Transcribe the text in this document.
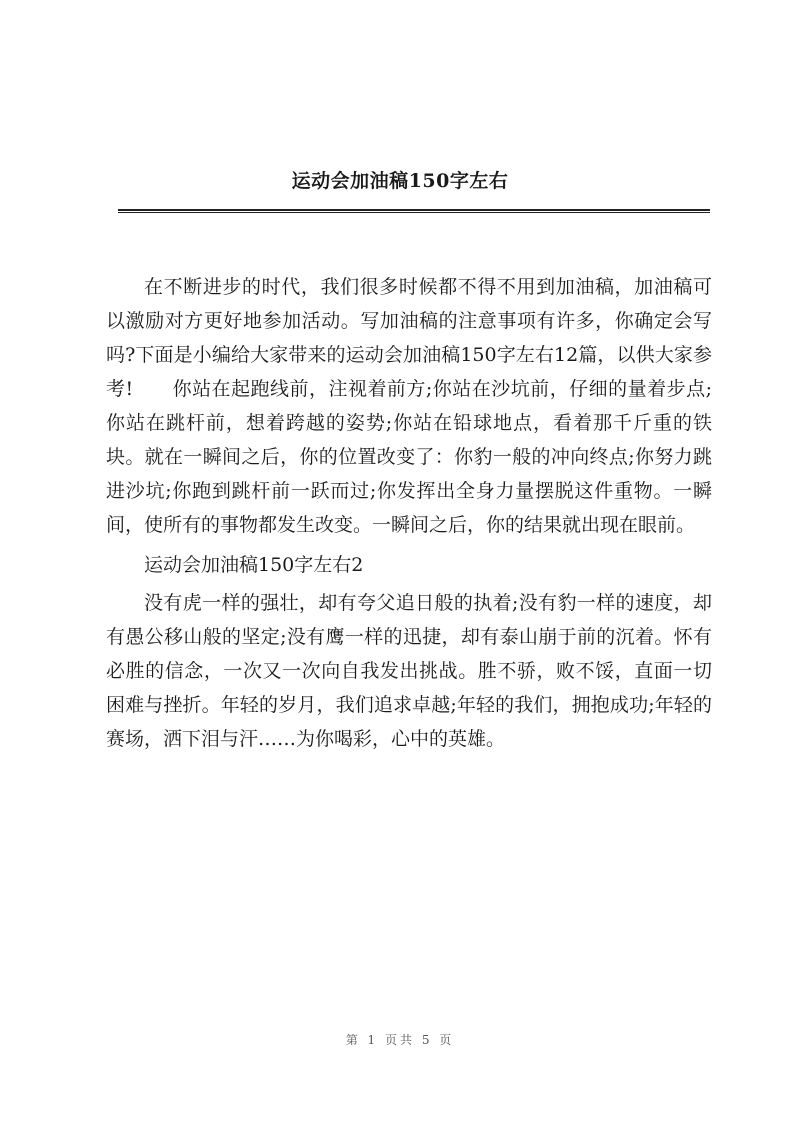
运动会加油稿150字左右

在不断进步的时代，我们很多时候都不得不用到加油稿，加油稿可以激励对方更好地参加活动。写加油稿的注意事项有许多，你确定会写吗?下面是小编给大家带来的运动会加油稿150字左右12篇，以供大家参考!　　你站在起跑线前，注视着前方;你站在沙坑前，仔细的量着步点;你站在跳杆前，想着跨越的姿势;你站在铅球地点，看着那千斤重的铁块。就在一瞬间之后，你的位置改变了：你豹一般的冲向终点;你努力跳进沙坑;你跑到跳杆前一跃而过;你发挥出全身力量摆脱这件重物。一瞬间，使所有的事物都发生改变。一瞬间之后，你的结果就出现在眼前。

运动会加油稿150字左右2

没有虎一样的强壮，却有夸父追日般的执着;没有豹一样的速度，却有愚公移山般的坚定;没有鹰一样的迅捷，却有泰山崩于前的沉着。怀有必胜的信念，一次又一次向自我发出挑战。胜不骄，败不馁，直面一切困难与挫折。年轻的岁月，我们追求卓越;年轻的我们，拥抱成功;年轻的赛场，洒下泪与汗……为你喝彩，心中的英雄。

第 1 页共 5 页
